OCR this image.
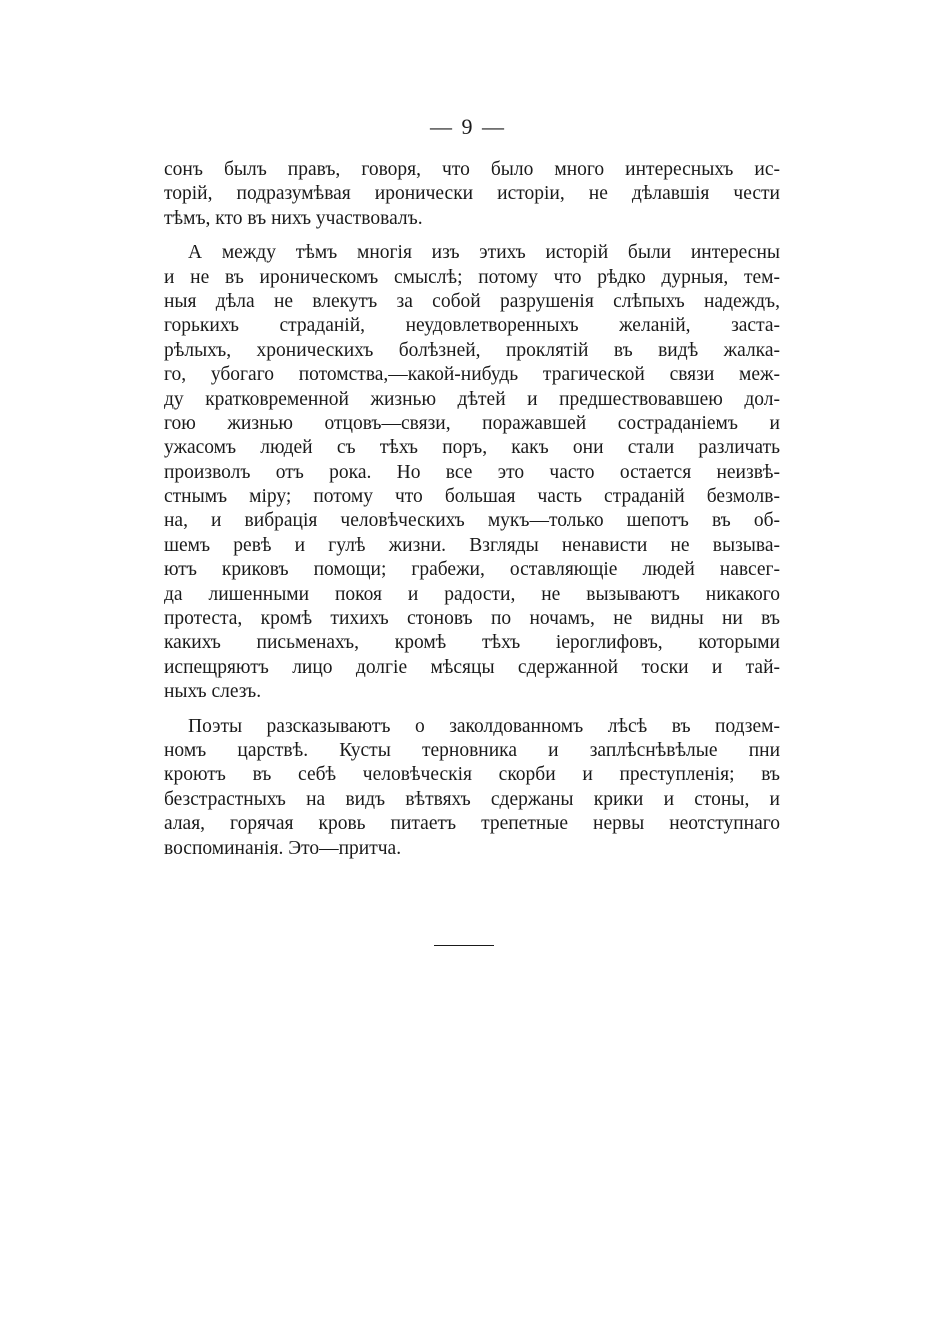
— 9 —

сонъ былъ правъ, говоря, что было много интересныхъ ис-
торій, подразумѣвая иронически исторіи, не дѣлавшія чести
тѣмъ, кто въ нихъ участвовалъ.

А между тѣмъ многія изъ этихъ исторій были интересны
и не въ ироническомъ смыслѣ; потому что рѣдко дурныя, тем-
ныя дѣла не влекутъ за собой разрушенія слѣпыхъ надеждъ,
горькихъ страданій, неудовлетворенныхъ желаній, заста-
рѣлыхъ, хроническихъ болѣзней, проклятій въ видѣ жалка-
го, убогаго потомства,—какой-нибудь трагической связи меж-
ду кратковременной жизнью дѣтей и предшествовавшею дол-
гою жизнью отцовъ—связи, поражавшей состраданіемъ и
ужасомъ людей съ тѣхъ поръ, какъ они стали различать
произволъ отъ рока. Но все это часто остается неизвѣ-
стнымъ міру; потому что большая часть страданій безмолв-
на, и вибрація человѣческихъ мукъ—только шепотъ въ об-
шемъ ревѣ и гулѣ жизни. Взгляды ненависти не вызыва-
ютъ криковъ помощи; грабежи, оставляющіе людей навсег-
да лишенными покоя и радости, не вызываютъ никакого
протеста, кромѣ тихихъ стоновъ по ночамъ, не видны ни въ
какихъ письменахъ, кромѣ тѣхъ іероглифовъ, которыми
испещряютъ лицо долгіе мѣсяцы сдержанной тоски и тай-
ныхъ слезъ.

Поэты разсказываютъ о заколдованномъ лѣсѣ въ подзем-
номъ царствѣ. Кусты терновника и заплѣснѣвѣлые пни
кроютъ въ себѣ человѣческія скорби и преступленія; въ
безстрастныхъ на видъ вѣтвяхъ сдержаны крики и стоны, и
алая, горячая кровь питаетъ трепетные нервы неотступнаго
воспоминанія. Это—притча.
